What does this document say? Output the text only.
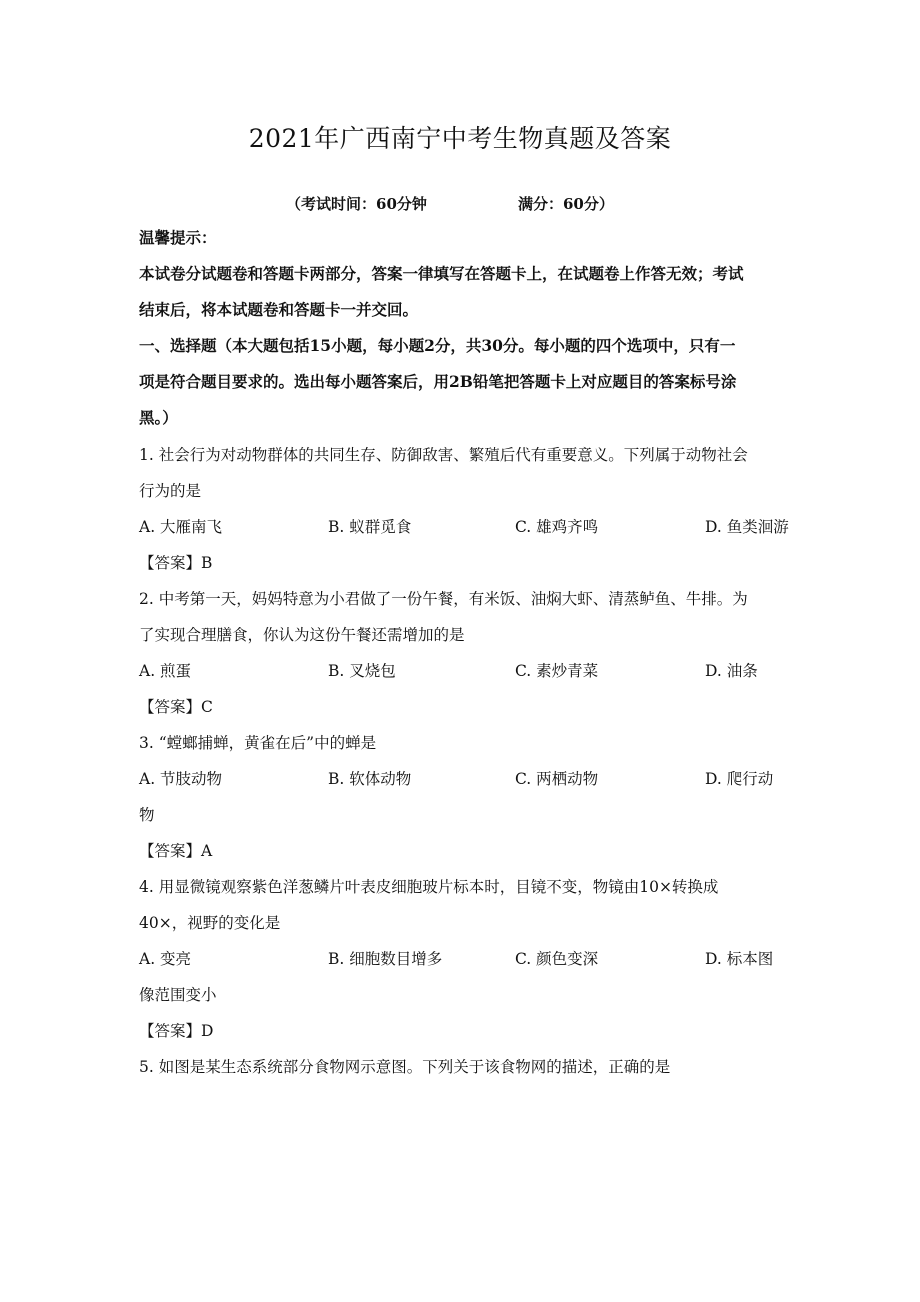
2021年广西南宁中考生物真题及答案
（考试时间：60分钟	满分：60分）
温馨提示：
本试卷分试题卷和答题卡两部分，答案一律填写在答题卡上，在试题卷上作答无效；考试
结束后，将本试题卷和答题卡一并交回。
一、选择题（本大题包括15小题，每小题2分，共30分。每小题的四个选项中，只有一
项是符合题目要求的。选出每小题答案后，用2B铅笔把答题卡上对应题目的答案标号涂
黑。）
1. 社会行为对动物群体的共同生存、防御敌害、繁殖后代有重要意义。下列属于动物社会
行为的是
A. 大雁南飞	B. 蚁群觅食	C. 雄鸡齐鸣	D. 鱼类洄游
【答案】B
2. 中考第一天，妈妈特意为小君做了一份午餐，有米饭、油焖大虾、清蒸鲈鱼、牛排。为
了实现合理膳食，你认为这份午餐还需增加的是
A. 煎蛋	B. 叉烧包	C. 素炒青菜	D. 油条
【答案】C
3. “螳螂捕蝉，黄雀在后”中的蝉是
A. 节肢动物	B. 软体动物	C. 两栖动物	D. 爬行动
物
【答案】A
4. 用显微镜观察紫色洋葱鳞片叶表皮细胞玻片标本时，目镜不变，物镜由10×转换成
40×，视野的变化是
A. 变亮	B. 细胞数目增多	C. 颜色变深	D. 标本图
像范围变小
【答案】D
5. 如图是某生态系统部分食物网示意图。下列关于该食物网的描述，正确的是
